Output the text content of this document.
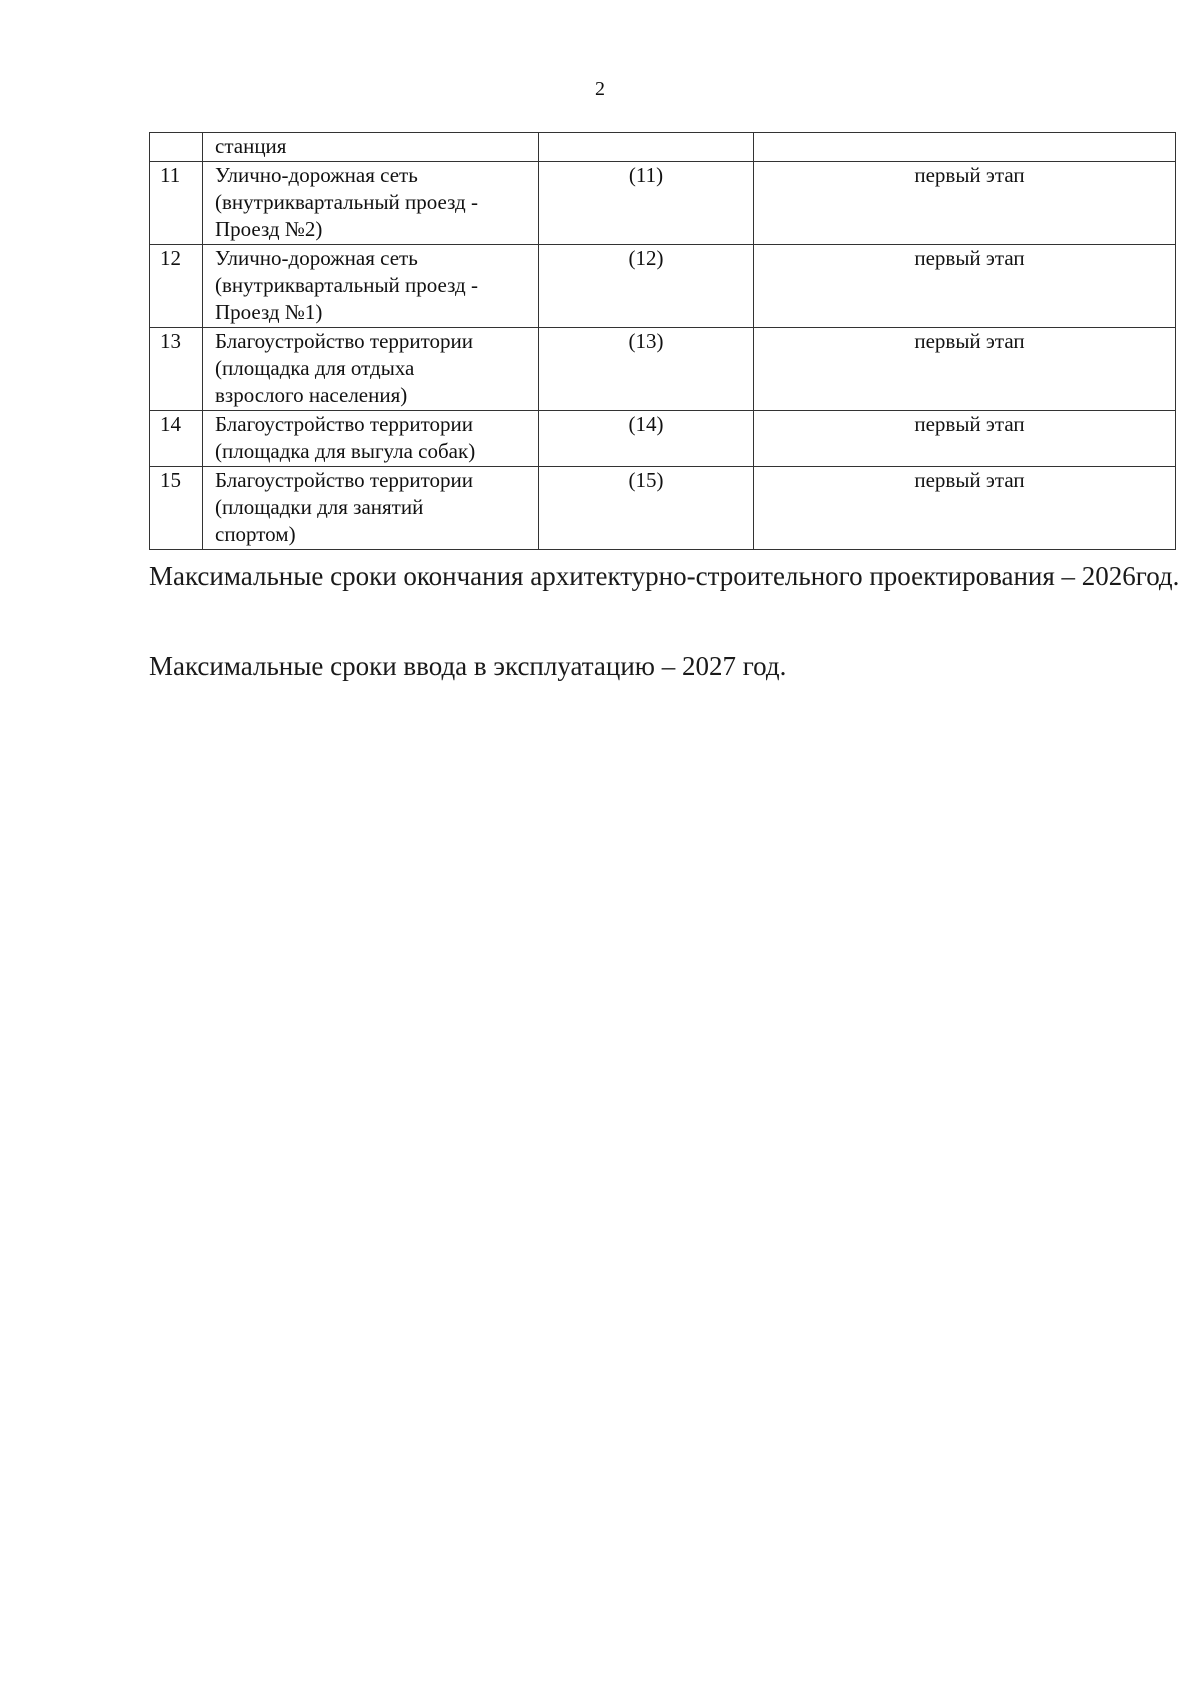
2
	станция		
11	Улично-дорожная сеть
(внутриквартальный проезд -
Проезд №2)	(11)	первый этап
12	Улично-дорожная сеть
(внутриквартальный проезд -
Проезд №1)	(12)	первый этап
13	Благоустройство территории
(площадка для отдыха
взрослого населения)	(13)	первый этап
14	Благоустройство территории
(площадка для выгула собак)	(14)	первый этап
15	Благоустройство территории
(площадки для занятий
спортом)	(15)	первый этап
Максимальные сроки окончания архитектурно-строительного проектирования – 2026год.
Максимальные сроки ввода в эксплуатацию – 2027 год.
